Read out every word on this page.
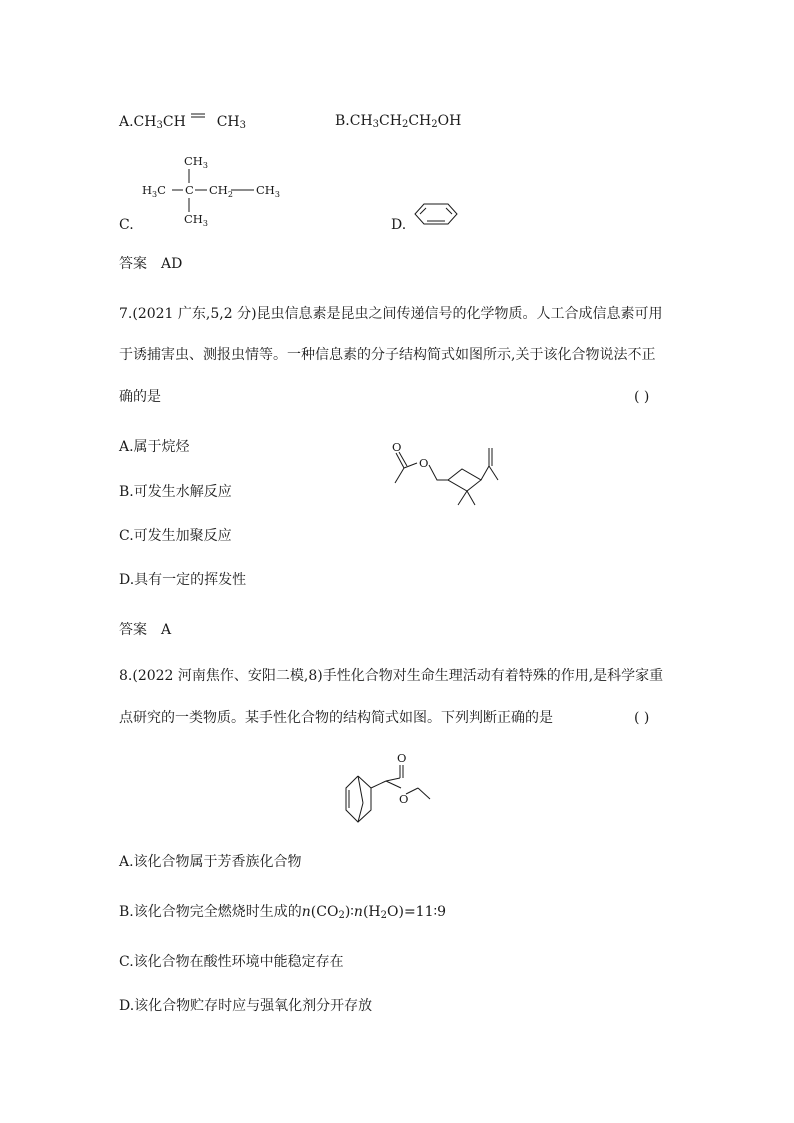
A.CH3CH CH3	B.CH3CH2CH2OH
C.
$CH_3$
$H_3C$ C $CH_2$ $CH_3$
$CH_3$	D.
答案 AD
7.(2021 广东,5,2 分)昆虫信息素是昆虫之间传递信号的化学物质。人工合成信息素可用
于诱捕害虫、测报虫情等。一种信息素的分子结构简式如图所示,关于该化合物说法不正
确的是	( )
A.属于烷烃
B.可发生水解反应
C.可发生加聚反应
D.具有一定的挥发性
O
O
答案 A
8.(2022 河南焦作、安阳二模,8)手性化合物对生命生理活动有着特殊的作用,是科学家重
点研究的一类物质。某手性化合物的结构简式如图。下列判断正确的是	( )
O
O
A.该化合物属于芳香族化合物
B.该化合物完全燃烧时生成的n(CO2)∶n(H2O)=11∶9
C.该化合物在酸性环境中能稳定存在
D.该化合物贮存时应与强氧化剂分开存放
